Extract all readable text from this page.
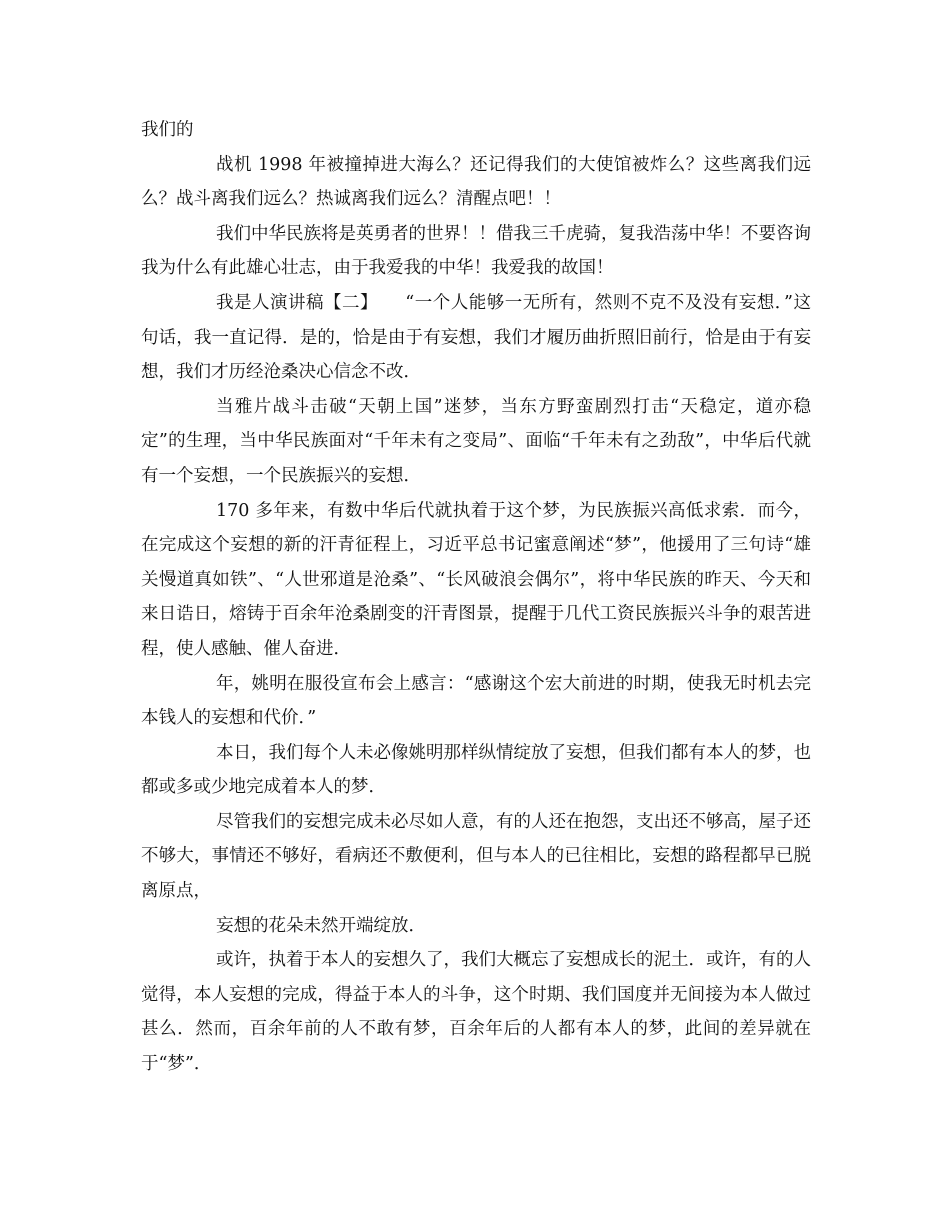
我们的

战机 1998 年被撞掉进大海么？还记得我们的大使馆被炸么？这些离我们远么？战斗离我们远么？热诚离我们远么？清醒点吧！！

我们中华民族将是英勇者的世界！！借我三千虎骑，复我浩荡中华！不要咨询我为什么有此雄心壮志，由于我爱我的中华！我爱我的故国！

我是人演讲稿【二】　　“一个人能够一无所有，然则不克不及没有妄想．”这句话，我一直记得．是的，恰是由于有妄想，我们才履历曲折照旧前行，恰是由于有妄想，我们才历经沧桑决心信念不改．

当雅片战斗击破“天朝上国”迷梦，当东方野蛮剧烈打击“天稳定，道亦稳定”的生理，当中华民族面对“千年未有之变局”、面临“千年未有之劲敌”，中华后代就有一个妄想，一个民族振兴的妄想．

170 多年来，有数中华后代就执着于这个梦，为民族振兴高低求索．而今，在完成这个妄想的新的汗青征程上，习近平总书记蜜意阐述“梦”，他援用了三句诗“雄关慢道真如铁”、“人世邪道是沧桑”、“长风破浪会偶尔”，将中华民族的昨天、今天和来日诰日，熔铸于百余年沧桑剧变的汗青图景，提醒于几代工资民族振兴斗争的艰苦进程，使人感触、催人奋进．

年，姚明在服役宣布会上感言：“感谢这个宏大前进的时期，使我无时机去完本钱人的妄想和代价．”

本日，我们每个人未必像姚明那样纵情绽放了妄想，但我们都有本人的梦，也都或多或少地完成着本人的梦．

尽管我们的妄想完成未必尽如人意，有的人还在抱怨，支出还不够高，屋子还不够大，事情还不够好，看病还不敷便利，但与本人的已往相比，妄想的路程都早已脱离原点，

妄想的花朵未然开端绽放．

或许，执着于本人的妄想久了，我们大概忘了妄想成长的泥土．或许，有的人觉得，本人妄想的完成，得益于本人的斗争，这个时期、我们国度并无间接为本人做过甚么．然而，百余年前的人不敢有梦，百余年后的人都有本人的梦，此间的差异就在于“梦”．
